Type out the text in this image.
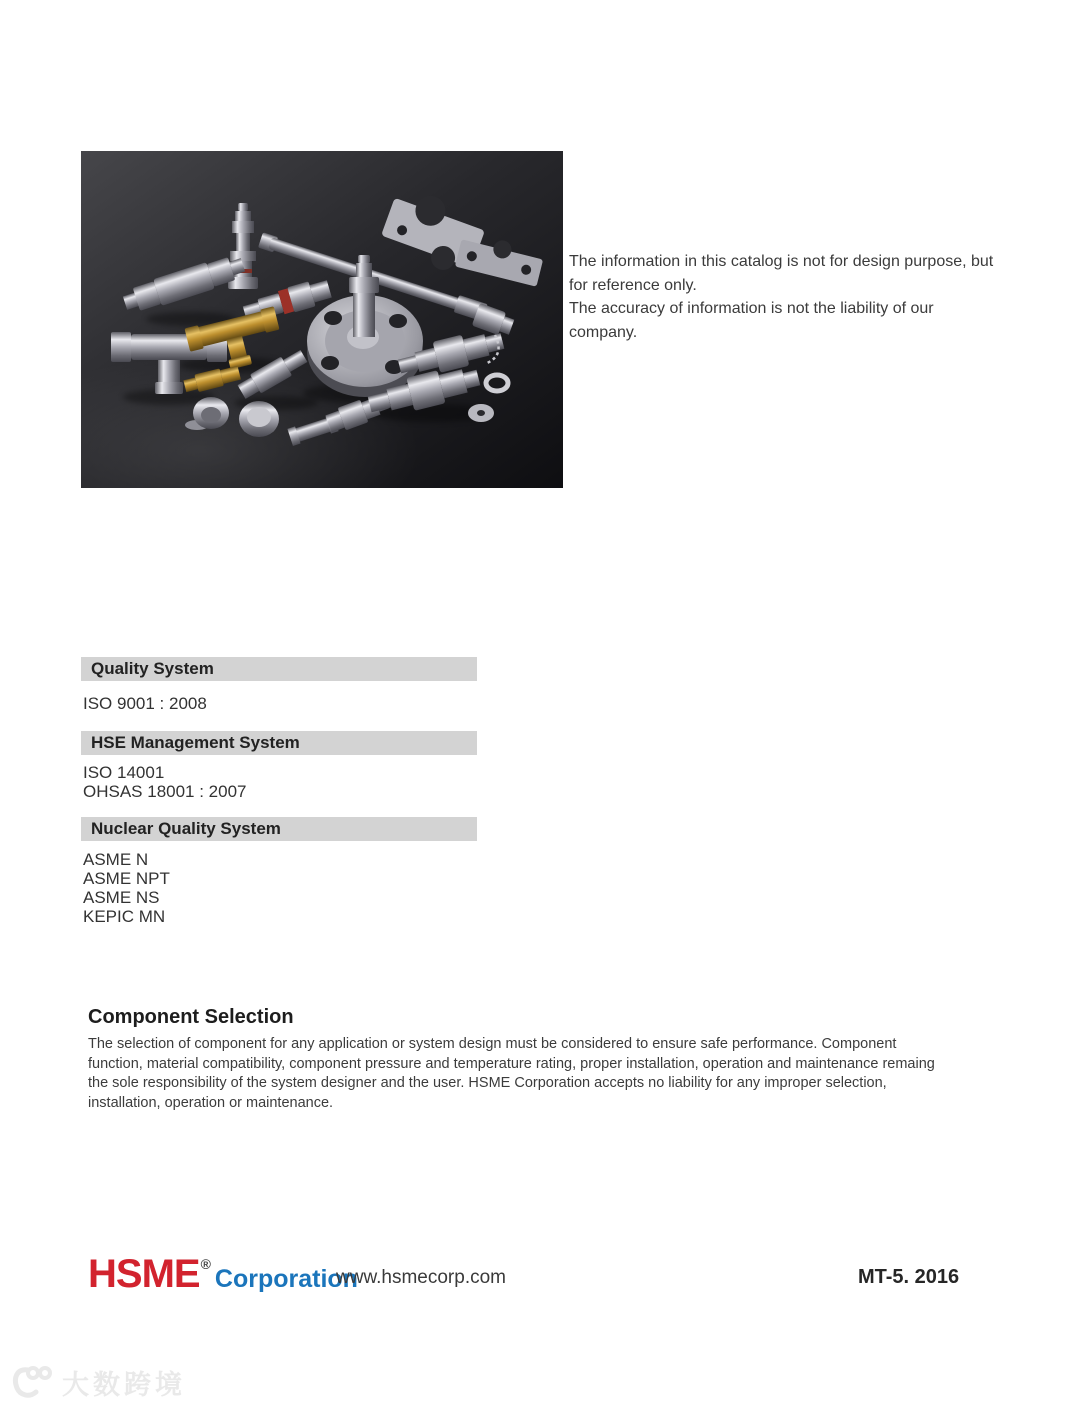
The information in this catalog is not for design purpose, but
for reference only.
The accuracy of information is not the liability of our
company.
Quality System
ISO 9001 : 2008
HSE Management System
ISO 14001
OHSAS 18001 : 2007
Nuclear Quality System
ASME N
ASME NPT
ASME NS
KEPIC MN
Component Selection
The selection of component for any application or system design must be considered to ensure safe performance. Component
function, material compatibility, component pressure and temperature rating, proper installation, operation and maintenance remaing
the sole responsibility of the system designer and the user. HSME Corporation accepts no liability for any improper selection,
installation, operation or maintenance.
HSME ®
Corporation
www.hsmecorp.com	MT-5. 2016
大数跨境
